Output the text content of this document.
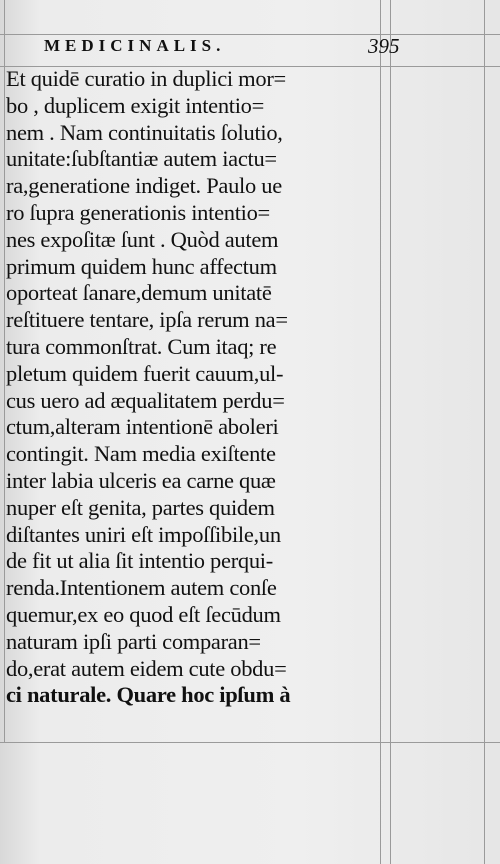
MEDICINALIS.	395
Et quidē curatio in duplici mor=
bo , duplicem exigit intentio=
nem . Nam continuitatis ſolutio,
unitate:ſubſtantiæ autem iactu=
ra,generatione indiget. Paulo ue
ro ſupra generationis intentio=
nes expoſitæ ſunt . Quòd autem
primum quidem hunc affectum
oporteat ſanare,demum unitatē
reſtituere tentare, ipſa rerum na=
tura commonſtrat. Cum itaq; re
pletum quidem fuerit cauum,ul-
cus uero ad æqualitatem perdu=
ctum,alteram intentionē aboleri
contingit. Nam media exiſtente
inter labia ulceris ea carne quæ
nuper eſt genita, partes quidem
diſtantes uniri eſt impoſſibile,un
de fit ut alia ſit intentio perqui-
renda.Intentionem autem conſe
quemur,ex eo quod eſt ſecūdum
naturam ipſi parti comparan=
do,erat autem eidem cute obdu=
ci naturale. Quare hoc ipſum à
